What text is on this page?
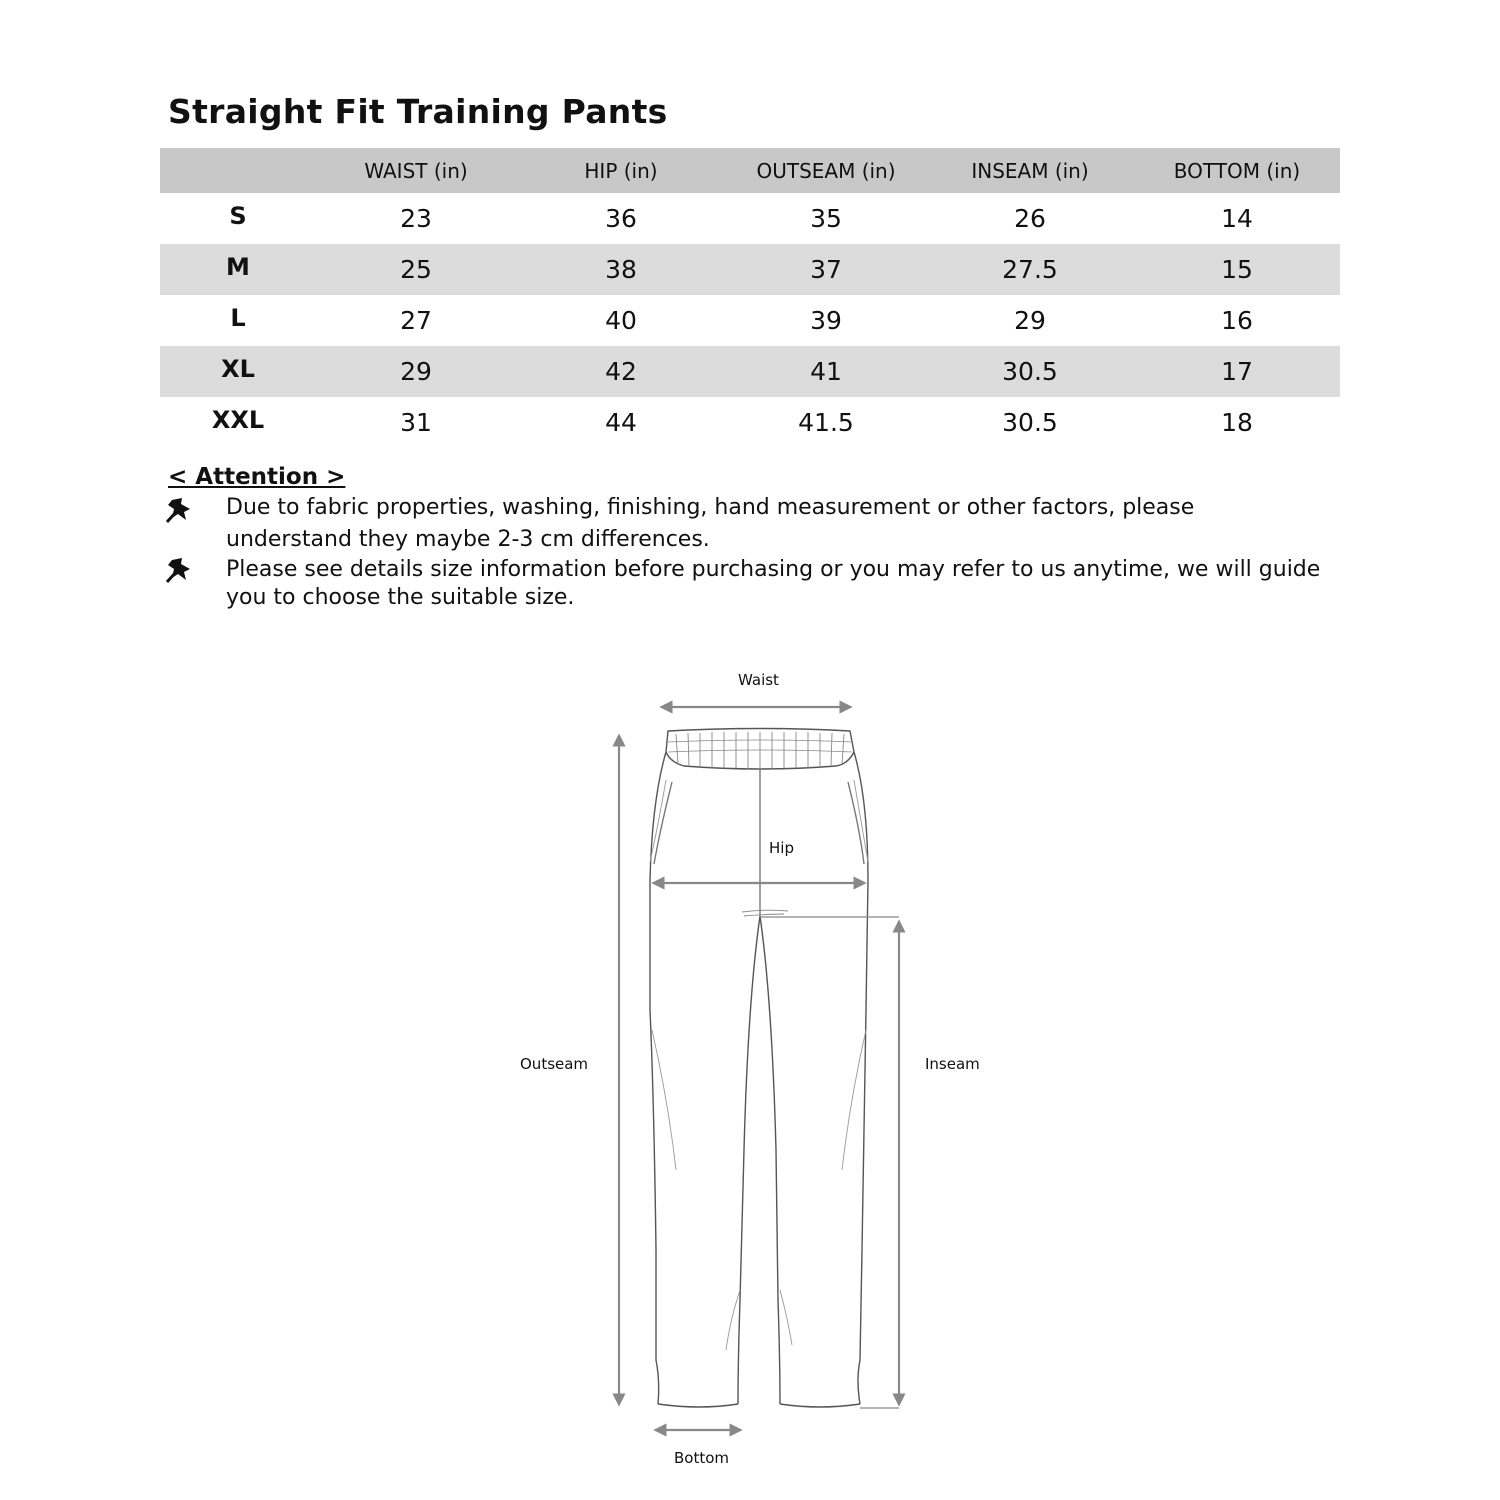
Straight Fit Training Pants
	WAIST (in)	HIP (in)	OUTSEAM (in)	INSEAM (in)	BOTTOM (in)
S	23	36	35	26	14
M	25	38	37	27.5	15
L	27	40	39	29	16
XL	29	42	41	30.5	17
XXL	31	44	41.5	30.5	18
< Attention >
Due to fabric properties, washing, finishing, hand measurement or other factors, please understand they maybe 2-3 cm differences.
Please see details size information before purchasing or you may refer to us anytime, we will guide you to choose the suitable size.
Waist
Hip
Outseam	Inseam
Bottom
